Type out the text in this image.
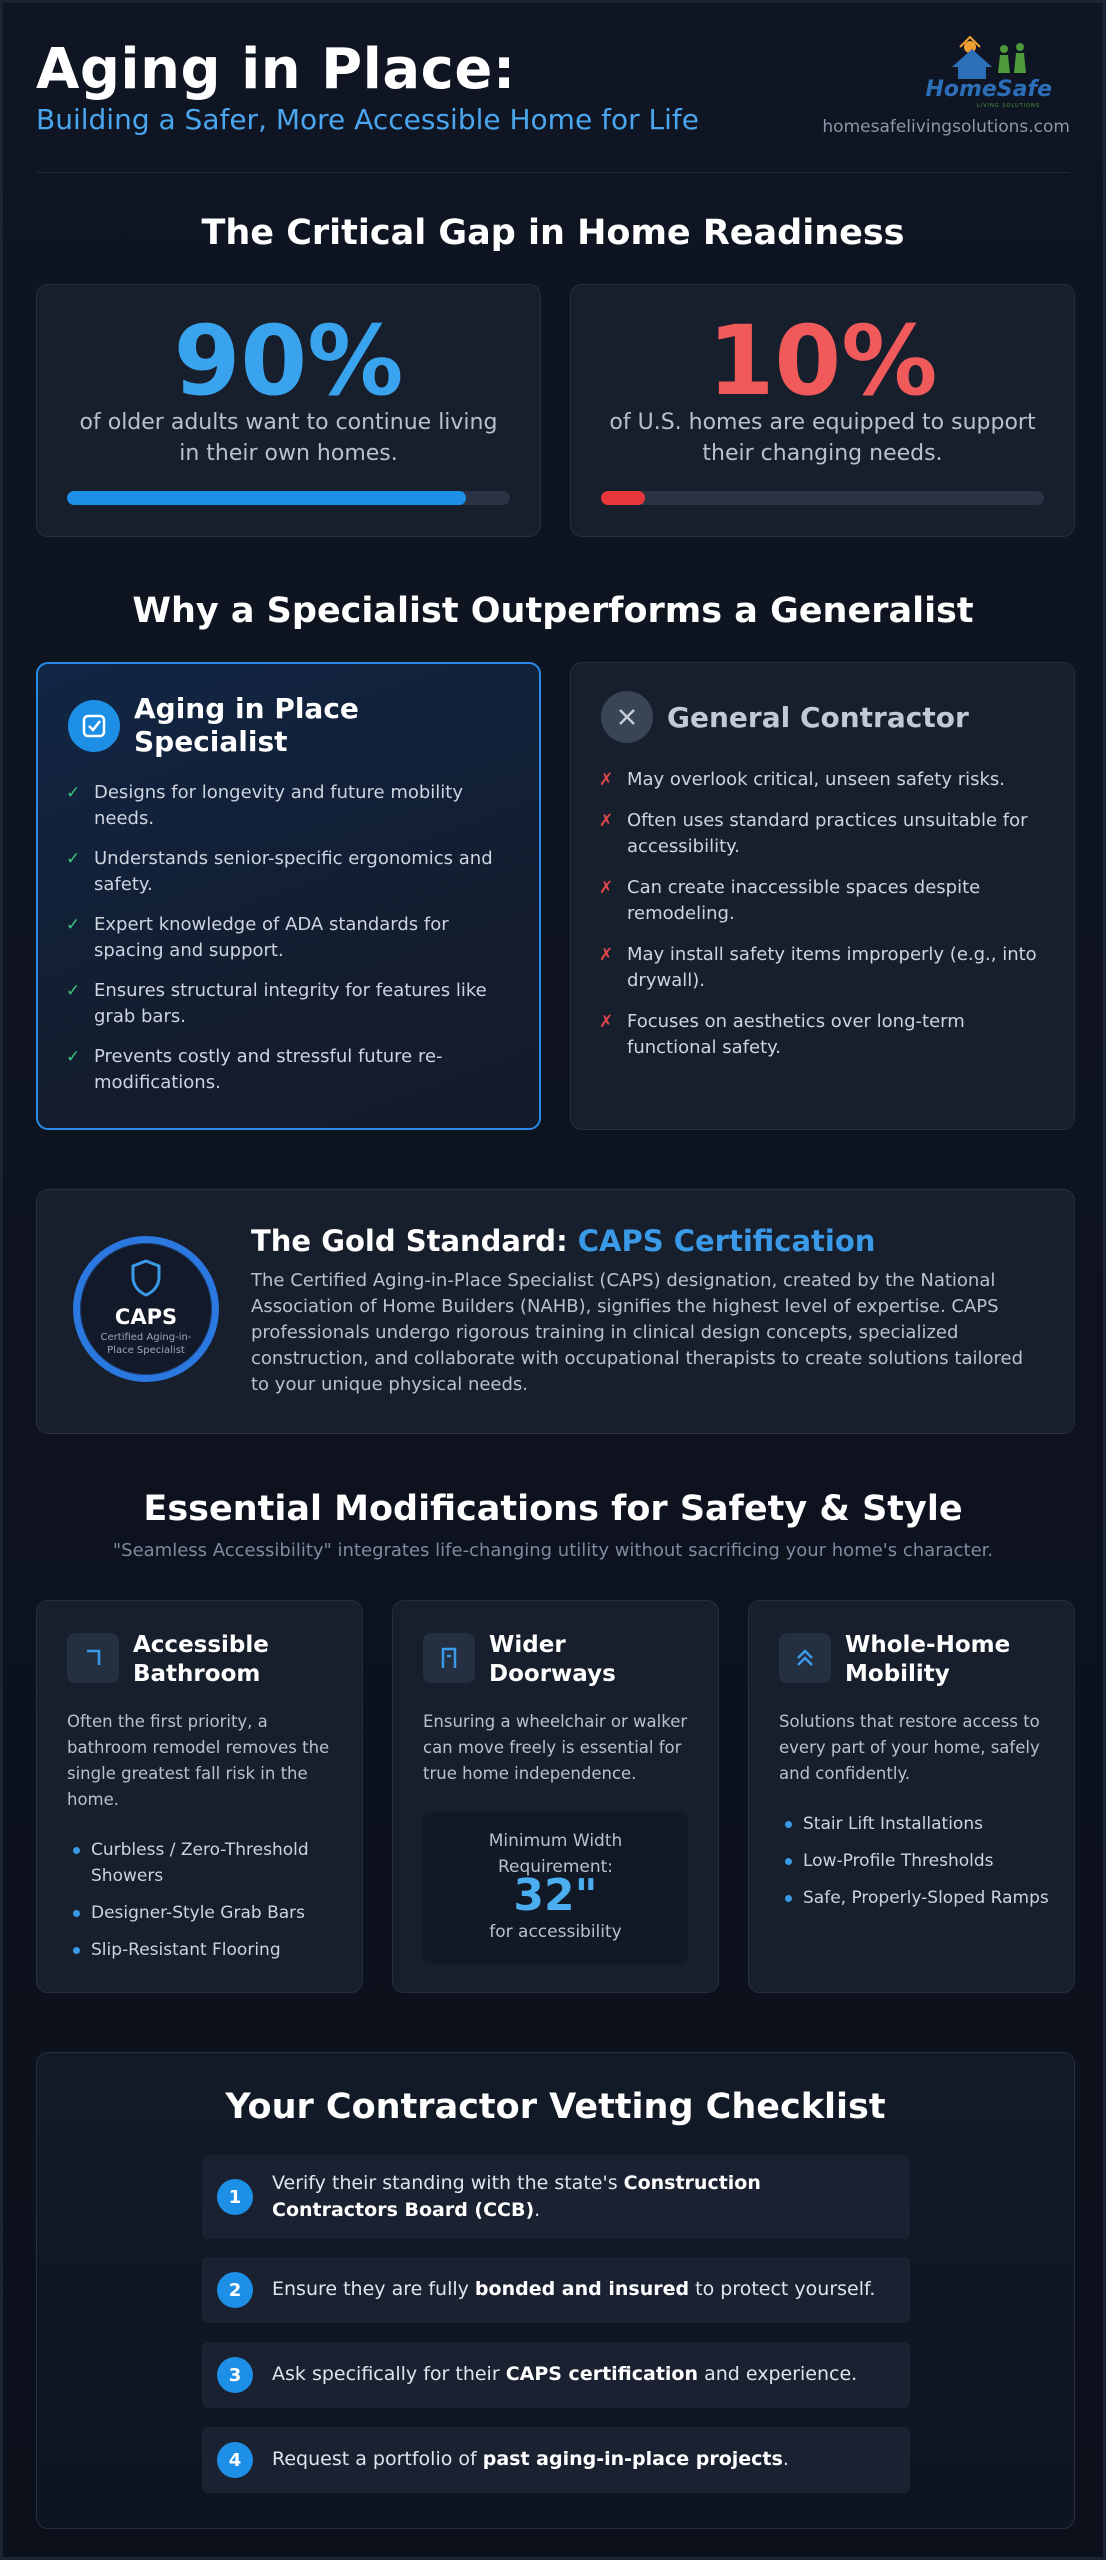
Aging in Place:
Building a Safer, More Accessible Home for Life
HomeSafe
LIVING SOLUTIONS
homesafelivingsolutions.com
The Critical Gap in Home Readiness
90%
of older adults want to continue living in their own homes.
10%
of U.S. homes are equipped to support their changing needs.
Why a Specialist Outperforms a Generalist
Aging in Place Specialist
✓ Designs for longevity and future mobility needs.
✓ Understands senior-specific ergonomics and safety.
✓ Expert knowledge of ADA standards for spacing and support.
✓ Ensures structural integrity for features like grab bars.
✓ Prevents costly and stressful future re-modifications.
General Contractor
✗ May overlook critical, unseen safety risks.
✗ Often uses standard practices unsuitable for accessibility.
✗ Can create inaccessible spaces despite remodeling.
✗ May install safety items improperly (e.g., into drywall).
✗ Focuses on aesthetics over long-term functional safety.
CAPS
Certified Aging-in-Place Specialist
The Gold Standard: CAPS Certification
The Certified Aging-in-Place Specialist (CAPS) designation, created by the National Association of Home Builders (NAHB), signifies the highest level of expertise. CAPS professionals undergo rigorous training in clinical design concepts, specialized construction, and collaborate with occupational therapists to create solutions tailored to your unique physical needs.
Essential Modifications for Safety & Style
"Seamless Accessibility" integrates life-changing utility without sacrificing your home's character.
Accessible Bathroom
Often the first priority, a bathroom remodel removes the single greatest fall risk in the home.
Curbless / Zero-Threshold Showers
Designer-Style Grab Bars
Slip-Resistant Flooring
Wider Doorways
Ensuring a wheelchair or walker can move freely is essential for true home independence.
Minimum Width Requirement:
32"
for accessibility
Whole-Home Mobility
Solutions that restore access to every part of your home, safely and confidently.
Stair Lift Installations
Low-Profile Thresholds
Safe, Properly-Sloped Ramps
Your Contractor Vetting Checklist
1
Verify their standing with the state's Construction Contractors Board (CCB).
2	Ensure they are fully bonded and insured to protect yourself.
3	Ask specifically for their CAPS certification and experience.
4	Request a portfolio of past aging-in-place projects.
